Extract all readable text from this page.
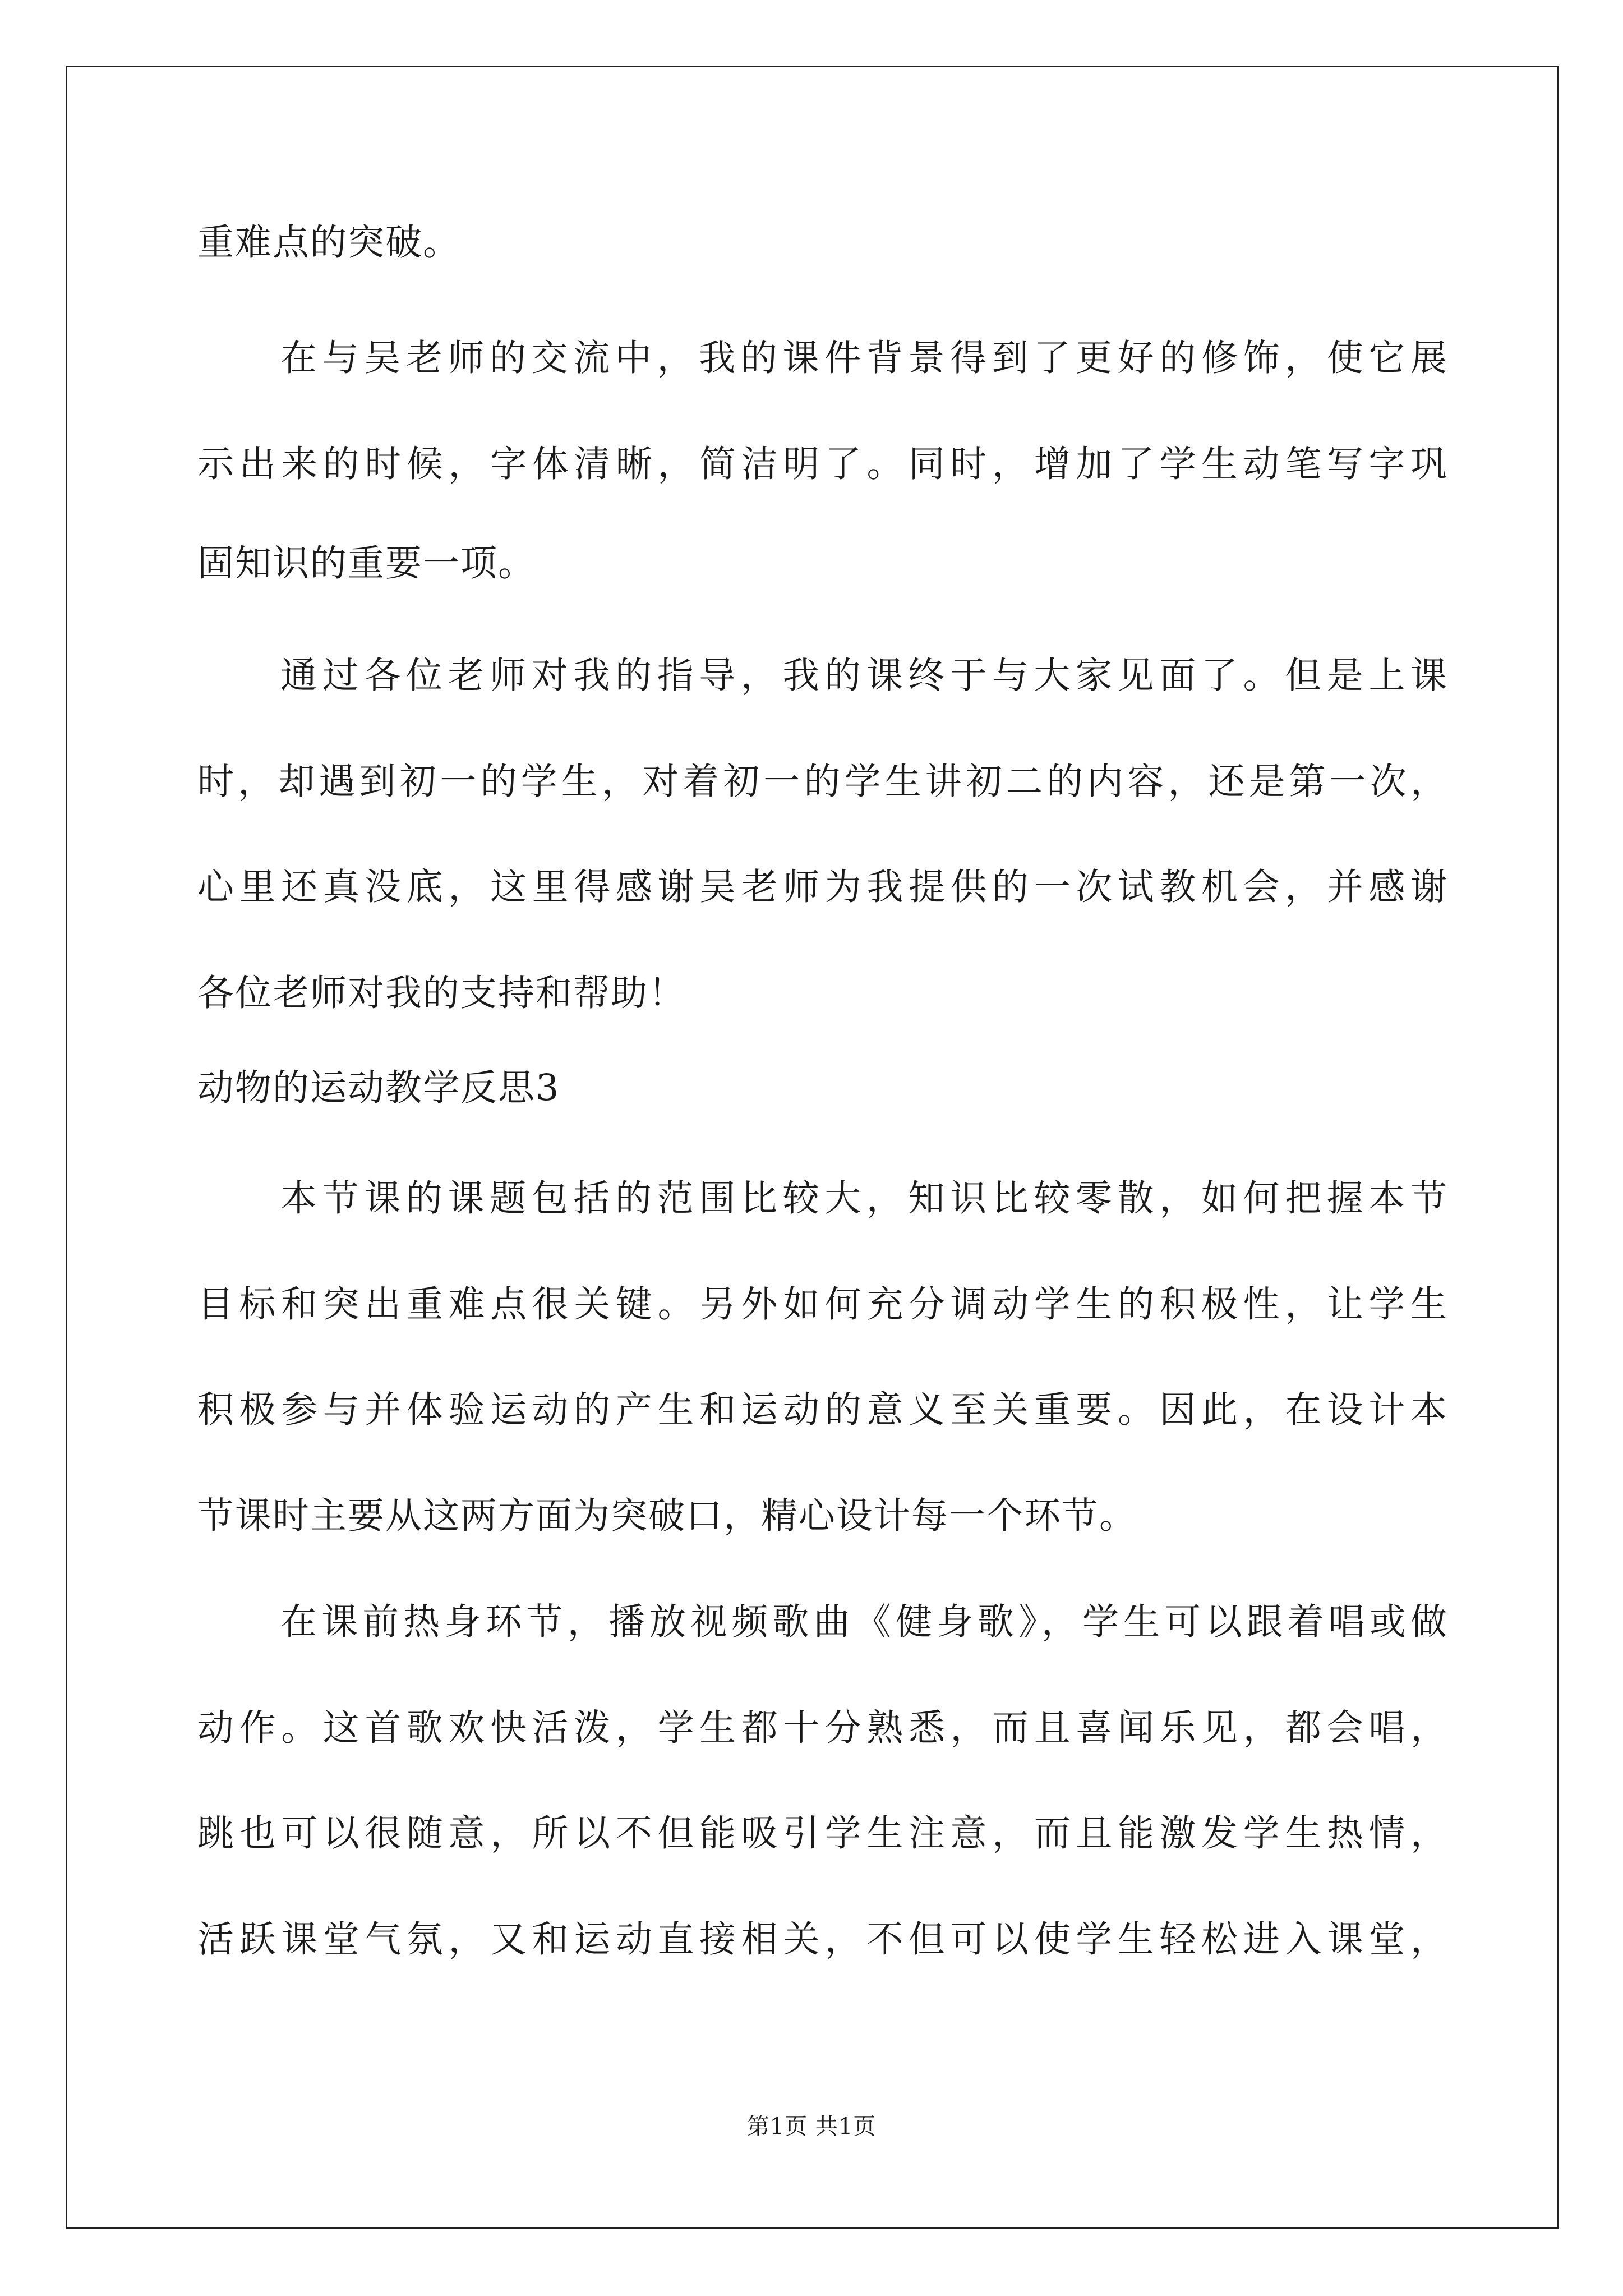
重难点的突破。
在与吴老师的交流中，我的课件背景得到了更好的修饰，使它展
示出来的时候，字体清晰，简洁明了。同时，增加了学生动笔写字巩
固知识的重要一项。
通过各位老师对我的指导，我的课终于与大家见面了。但是上课
时，却遇到初一的学生，对着初一的学生讲初二的内容，还是第一次，
心里还真没底，这里得感谢吴老师为我提供的一次试教机会，并感谢
各位老师对我的支持和帮助！
动物的运动教学反思3
本节课的课题包括的范围比较大，知识比较零散，如何把握本节
目标和突出重难点很关键。另外如何充分调动学生的积极性，让学生
积极参与并体验运动的产生和运动的意义至关重要。因此，在设计本
节课时主要从这两方面为突破口，精心设计每一个环节。
在课前热身环节，播放视频歌曲《健身歌》，学生可以跟着唱或做
动作。这首歌欢快活泼，学生都十分熟悉，而且喜闻乐见，都会唱，
跳也可以很随意，所以不但能吸引学生注意，而且能激发学生热情，
活跃课堂气氛，又和运动直接相关，不但可以使学生轻松进入课堂，
第1页 共1页
